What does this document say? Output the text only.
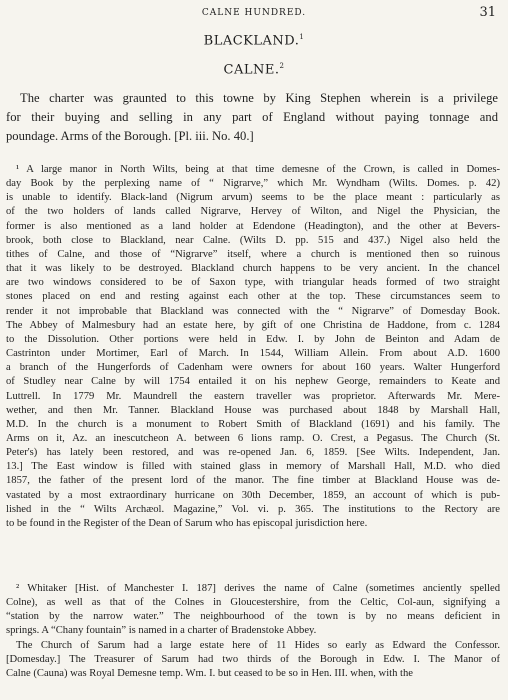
CALNE HUNDRED.	31
BLACKLAND.$^1$
CALNE.$^2$
The charter was graunted to this towne by King Stephen wherein is a privilege
for their buying and selling in any part of England without paying tonnage and
poundage. Arms of the Borough. [Pl. iii. No. 40.]
¹ A large manor in North Wilts, being at that time demesne of the Crown, is called in Domes-
day Book by the perplexing name of “ Nigrarve,” which Mr. Wyndham (Wilts. Domes. p. 42)
is unable to identify. Black-land (Nigrum arvum) seems to be the place meant : particularly as
of the two holders of lands called Nigrarve, Hervey of Wilton, and Nigel the Physician, the
former is also mentioned as a land holder at Edendone (Headington), and the other at Bevers-
brook, both close to Blackland, near Calne. (Wilts D. pp. 515 and 437.) Nigel also held the
tithes of Calne, and those of “Nigrarve” itself, where a church is mentioned then so ruinous
that it was likely to be destroyed. Blackland church happens to be very ancient. In the chancel
are two windows considered to be of Saxon type, with triangular heads formed of two straight
stones placed on end and resting against each other at the top. These circumstances seem to
render it not improbable that Blackland was connected with the “ Nigrarve” of Domesday Book.
The Abbey of Malmesbury had an estate here, by gift of one Christina de Haddone, from c. 1284
to the Dissolution. Other portions were held in Edw. I. by John de Beinton and Adam de
Castrinton under Mortimer, Earl of March. In 1544, William Allein. From about A.D. 1600
a branch of the Hungerfords of Cadenham were owners for about 160 years. Walter Hungerford
of Studley near Calne by will 1754 entailed it on his nephew George, remainders to Keate and
Luttrell. In 1779 Mr. Maundrell the eastern traveller was proprietor. Afterwards Mr. Mere-
wether, and then Mr. Tanner. Blackland House was purchased about 1848 by Marshall Hall,
M.D. In the church is a monument to Robert Smith of Blackland (1691) and his family. The
Arms on it, Az. an inescutcheon A. between 6 lions ramp. O. Crest, a Pegasus. The Church (St.
Peter's) has lately been restored, and was re-opened Jan. 6, 1859. [See Wilts. Independent, Jan.
13.] The East window is filled with stained glass in memory of Marshall Hall, M.D. who died
1857, the father of the present lord of the manor. The fine timber at Blackland House was de-
vastated by a most extraordinary hurricane on 30th December, 1859, an account of which is pub-
lished in the “ Wilts Archæol. Magazine,” Vol. vi. p. 365. The institutions to the Rectory are
to be found in the Register of the Dean of Sarum who has episcopal jurisdiction here.
² Whitaker [Hist. of Manchester I. 187] derives the name of Calne (sometimes anciently spelled
Colne), as well as that of the Colnes in Gloucestershire, from the Celtic, Col-aun, signifying a
“station by the narrow water.” The neighbourhood of the town is by no means deficient in
springs. A “Chany fountain” is named in a charter of Bradenstoke Abbey.
The Church of Sarum had a large estate here of 11 Hides so early as Edward the Confessor.
[Domesday.] The Treasurer of Sarum had two thirds of the Borough in Edw. I. The Manor of
Calne (Cauna) was Royal Demesne temp. Wm. I. but ceased to be so in Hen. III. when, with the
